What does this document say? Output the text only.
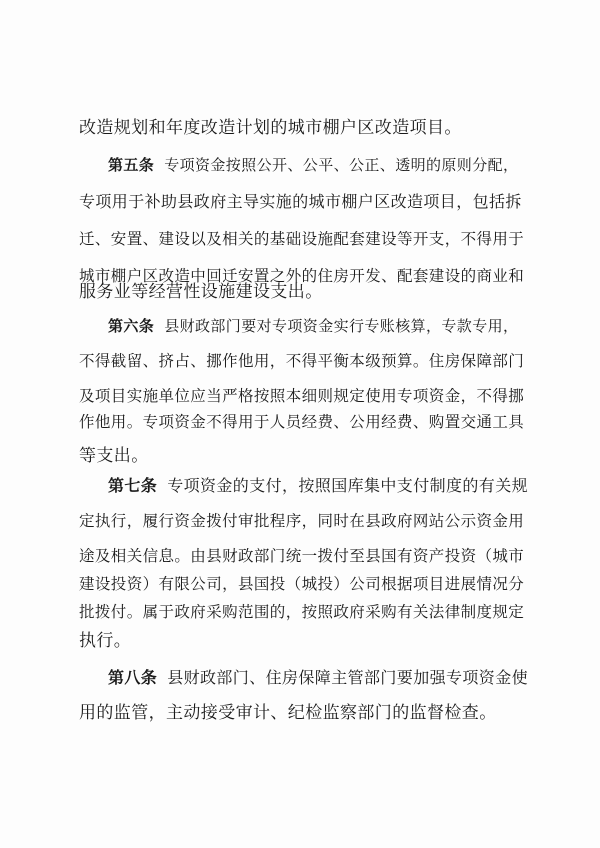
改造规划和年度改造计划的城市棚户区改造项目。
第五条 专项资金按照公开、公平、公正、透明的原则分配，
专项用于补助县政府主导实施的城市棚户区改造项目，包括拆
迁、安置、建设以及相关的基础设施配套建设等开支，不得用于
城市棚户区改造中回迁安置之外的住房开发、配套建设的商业和
服务业等经营性设施建设支出。
第六条 县财政部门要对专项资金实行专账核算，专款专用，
不得截留、挤占、挪作他用，不得平衡本级预算。住房保障部门
及项目实施单位应当严格按照本细则规定使用专项资金，不得挪
作他用。专项资金不得用于人员经费、公用经费、购置交通工具
等支出。
第七条 专项资金的支付，按照国库集中支付制度的有关规
定执行，履行资金拨付审批程序，同时在县政府网站公示资金用
途及相关信息。由县财政部门统一拨付至县国有资产投资（城市
建设投资）有限公司，县国投（城投）公司根据项目进展情况分
批拨付。属于政府采购范围的，按照政府采购有关法律制度规定
执行。
第八条 县财政部门、住房保障主管部门要加强专项资金使
用的监管，主动接受审计、纪检监察部门的监督检查。
